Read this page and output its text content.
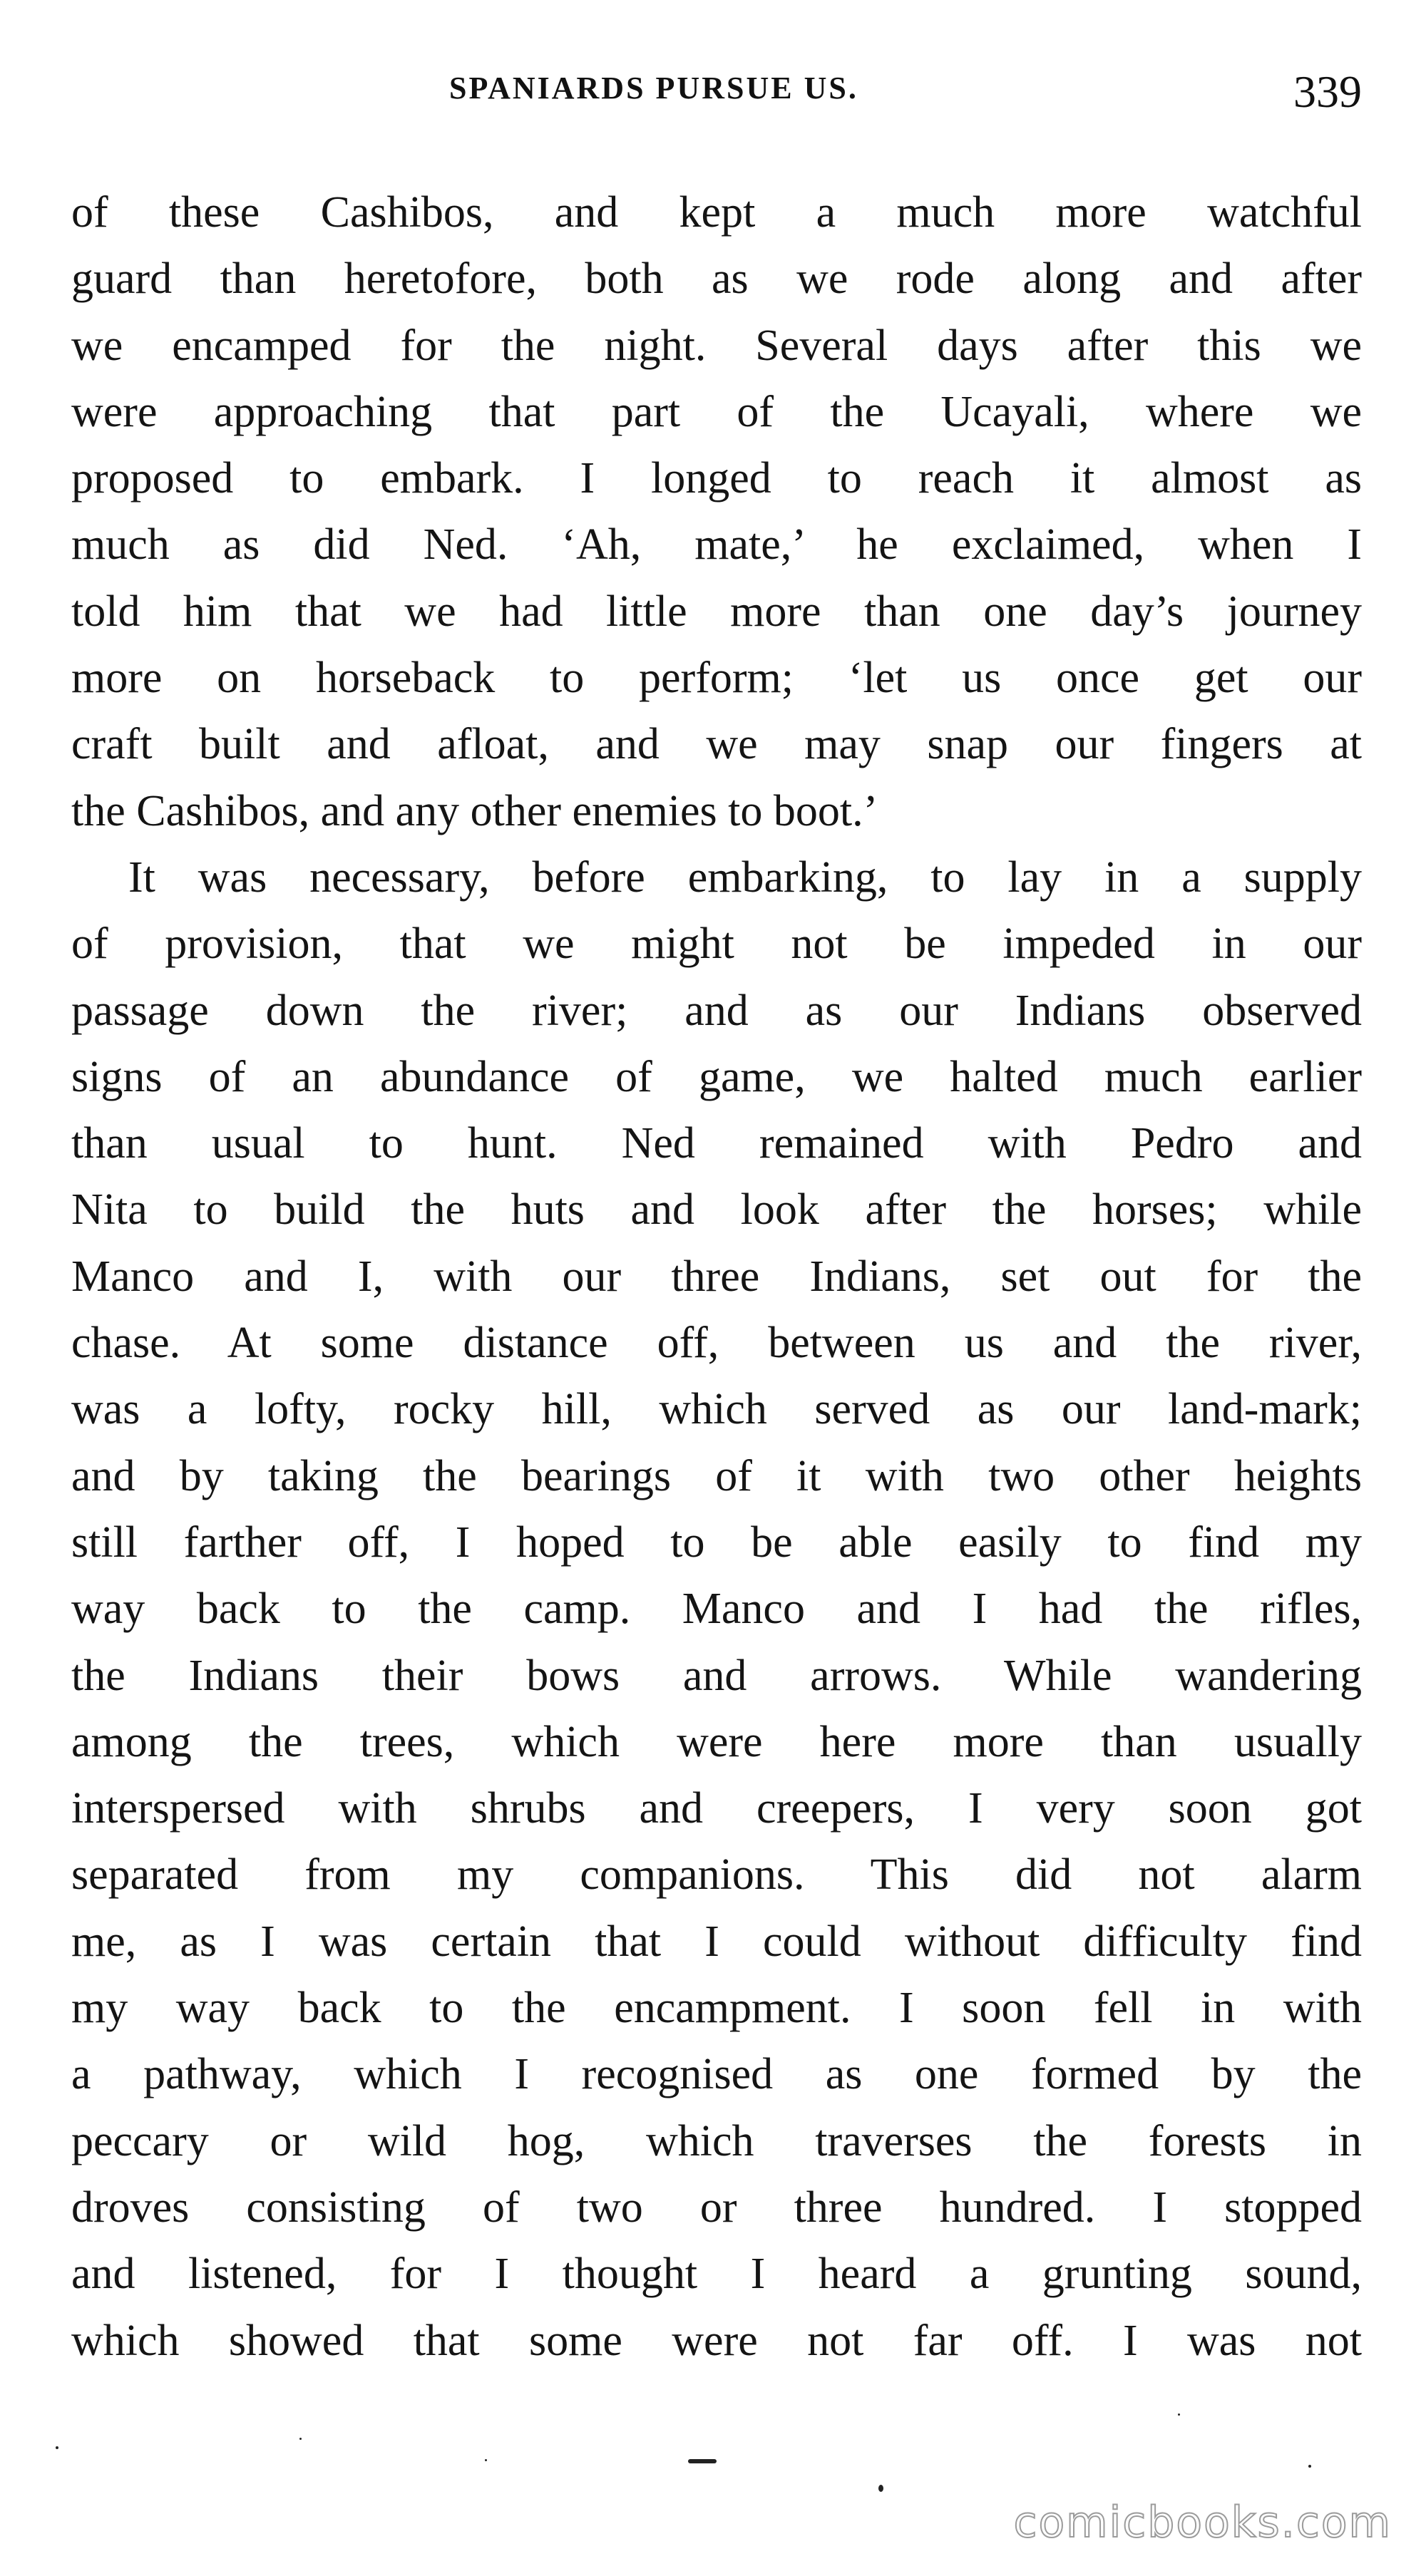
SPANIARDS PURSUE US.	339
of these Cashibos, and kept a much more watchful
guard than heretofore, both as we rode along and after
we encamped for the night. Several days after this we
were approaching that part of the Ucayali, where we
proposed to embark. I longed to reach it almost as
much as did Ned. ‘Ah, mate,’ he exclaimed, when I
told him that we had little more than one day’s journey
more on horseback to perform; ‘let us once get our
craft built and afloat, and we may snap our fingers at
the Cashibos, and any other enemies to boot.’
It was necessary, before embarking, to lay in a supply
of provision, that we might not be impeded in our
passage down the river; and as our Indians observed
signs of an abundance of game, we halted much earlier
than usual to hunt. Ned remained with Pedro and
Nita to build the huts and look after the horses; while
Manco and I, with our three Indians, set out for the
chase. At some distance off, between us and the river,
was a lofty, rocky hill, which served as our land-mark;
and by taking the bearings of it with two other heights
still farther off, I hoped to be able easily to find my
way back to the camp. Manco and I had the rifles,
the Indians their bows and arrows. While wandering
among the trees, which were here more than usually
interspersed with shrubs and creepers, I very soon got
separated from my companions. This did not alarm
me, as I was certain that I could without difficulty find
my way back to the encampment. I soon fell in with
a pathway, which I recognised as one formed by the
peccary or wild hog, which traverses the forests in
droves consisting of two or three hundred. I stopped
and listened, for I thought I heard a grunting sound,
which showed that some were not far off. I was not
comicbooks.com
